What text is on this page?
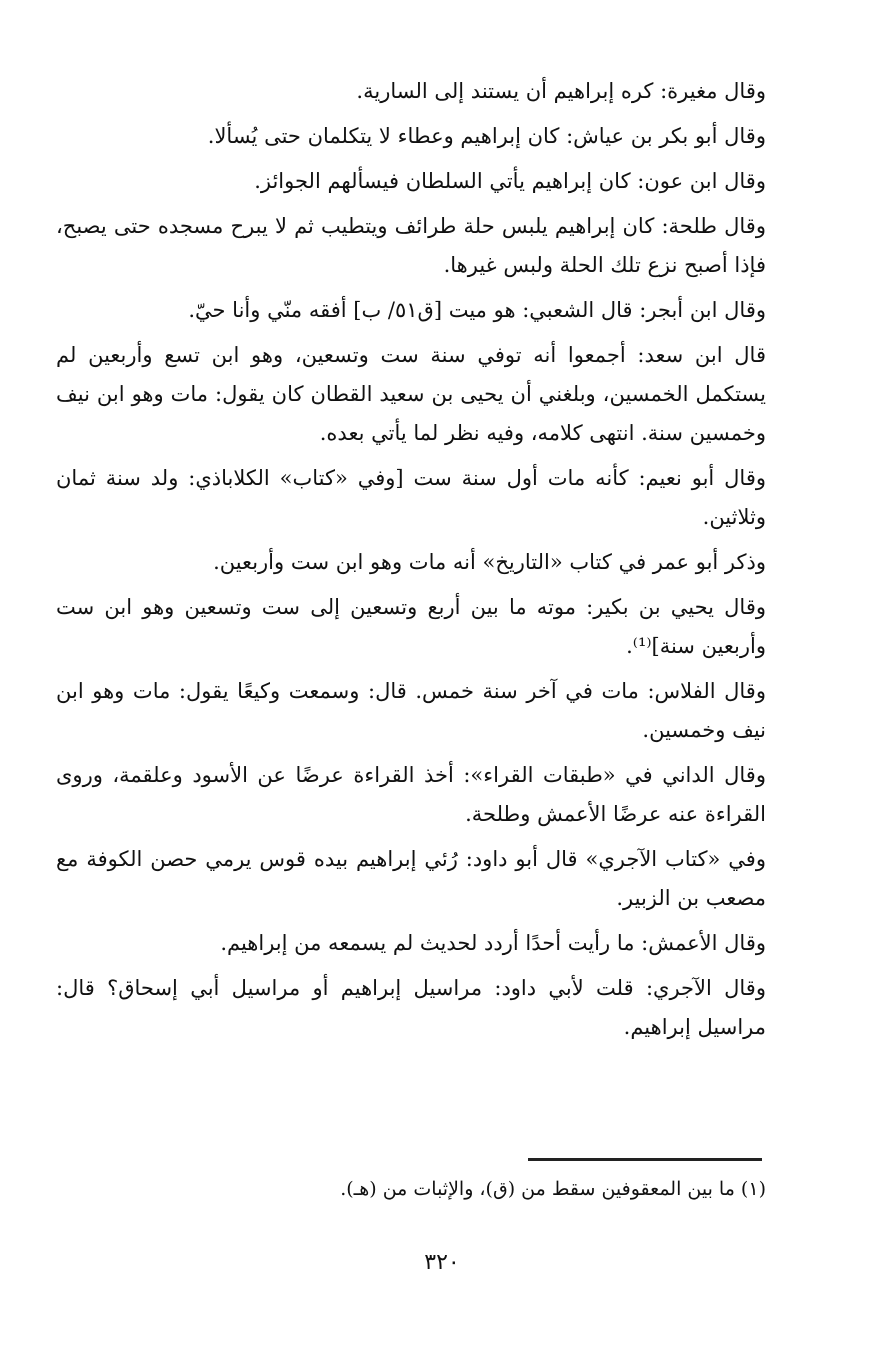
وقال مغيرة: كره إبراهيم أن يستند إلى السارية.

وقال أبو بكر بن عياش: كان إبراهيم وعطاء لا يتكلمان حتى يُسألا.

وقال ابن عون: كان إبراهيم يأتي السلطان فيسألهم الجوائز.

وقال طلحة: كان إبراهيم يلبس حلة طرائف ويتطيب ثم لا يبرح مسجده حتى يصبح، فإذا أصبح نزع تلك الحلة ولبس غيرها.

وقال ابن أبجر: قال الشعبي: هو ميت [ق٥١/ ب] أفقه منّي وأنا حيّ.

قال ابن سعد: أجمعوا أنه توفي سنة ست وتسعين، وهو ابن تسع وأربعين لم يستكمل الخمسين، وبلغني أن يحيى بن سعيد القطان كان يقول: مات وهو ابن نيف وخمسين سنة. انتهى كلامه، وفيه نظر لما يأتي بعده.

وقال أبو نعيم: كأنه مات أول سنة ست [وفي «كتاب» الكلاباذي: ولد سنة ثمان وثلاثين.

وذكر أبو عمر في كتاب «التاريخ» أنه مات وهو ابن ست وأربعين.

وقال يحيي بن بكير: موته ما بين أربع وتسعين إلى ست وتسعين وهو ابن ست وأربعين سنة]⁽¹⁾.

وقال الفلاس: مات في آخر سنة خمس. قال: وسمعت وكيعًا يقول: مات وهو ابن نيف وخمسين.

وقال الداني في «طبقات القراء»: أخذ القراءة عرضًا عن الأسود وعلقمة، وروى القراءة عنه عرضًا الأعمش وطلحة.

وفي «كتاب الآجري» قال أبو داود: رُئي إبراهيم بيده قوس يرمي حصن الكوفة مع مصعب بن الزبير.

وقال الأعمش: ما رأيت أحدًا أردد لحديث لم يسمعه من إبراهيم.

وقال الآجري: قلت لأبي داود: مراسيل إبراهيم أو مراسيل أبي إسحاق؟ قال: مراسيل إبراهيم.

(١) ما بين المعقوفين سقط من (ق)، والإثبات من (هـ).
٣٢٠
